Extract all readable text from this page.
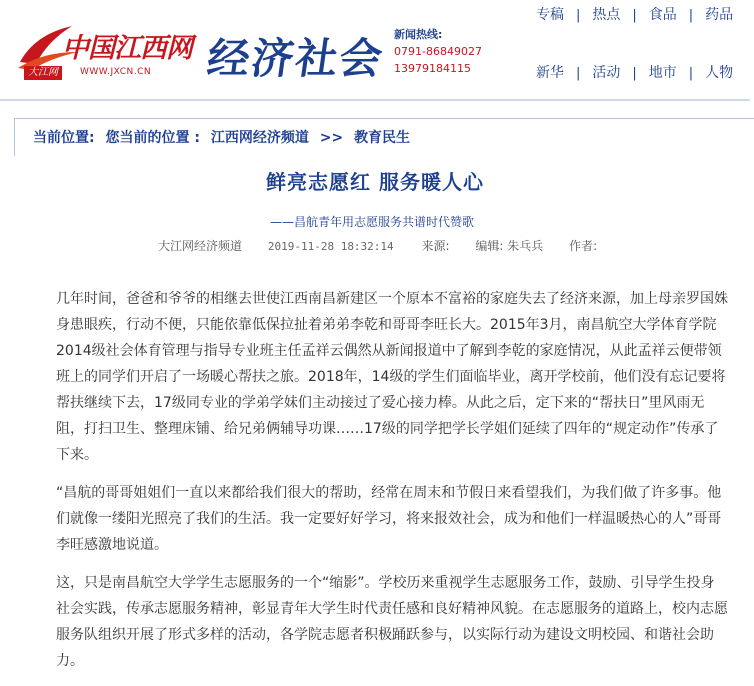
中国江西网
大江网	WWW.JXCN.CN 经济社会 新闻热线:
0791-86849027
13979184115
专稿 | 热点 | 食品 | 药品
新华 | 活动 | 地市 | 人物
当前位置: 您当前的位置 : 江西网经济频道 >> 教育民生
鲜亮志愿红 服务暖人心
——昌航青年用志愿服务共谱时代赞歌
大江网经济频道 2019-11-28 18:32:14 来源: 编辑: 朱乓兵 作者:

几年时间，爸爸和爷爷的相继去世使江西南昌新建区一个原本不富裕的家庭失去了经济来源，加上母亲罗国姝身患眼疾，行动不便，只能依靠低保拉扯着弟弟李乾和哥哥李旺长大。2015年3月，南昌航空大学体育学院2014级社会体育管理与指导专业班主任孟祥云偶然从新闻报道中了解到李乾的家庭情况，从此孟祥云便带领班上的同学们开启了一场暖心帮扶之旅。2018年，14级的学生们面临毕业，离开学校前，他们没有忘记要将帮扶继续下去，17级同专业的学弟学妹们主动接过了爱心接力棒。从此之后，定下来的“帮扶日”里风雨无阻，打扫卫生、整理床铺、给兄弟俩辅导功课……17级的同学把学长学姐们延续了四年的“规定动作”传承了下来。

“昌航的哥哥姐姐们一直以来都给我们很大的帮助，经常在周末和节假日来看望我们，为我们做了许多事。他们就像一缕阳光照亮了我们的生活。我一定要好好学习，将来报效社会，成为和他们一样温暖热心的人”哥哥李旺感激地说道。

这，只是南昌航空大学学生志愿服务的一个“缩影”。学校历来重视学生志愿服务工作，鼓励、引导学生投身社会实践，传承志愿服务精神，彰显青年大学生时代责任感和良好精神风貌。在志愿服务的道路上，校内志愿服务队组织开展了形式多样的活动，各学院志愿者积极踊跃参与，以实际行动为建设文明校园、和谐社会助力。
